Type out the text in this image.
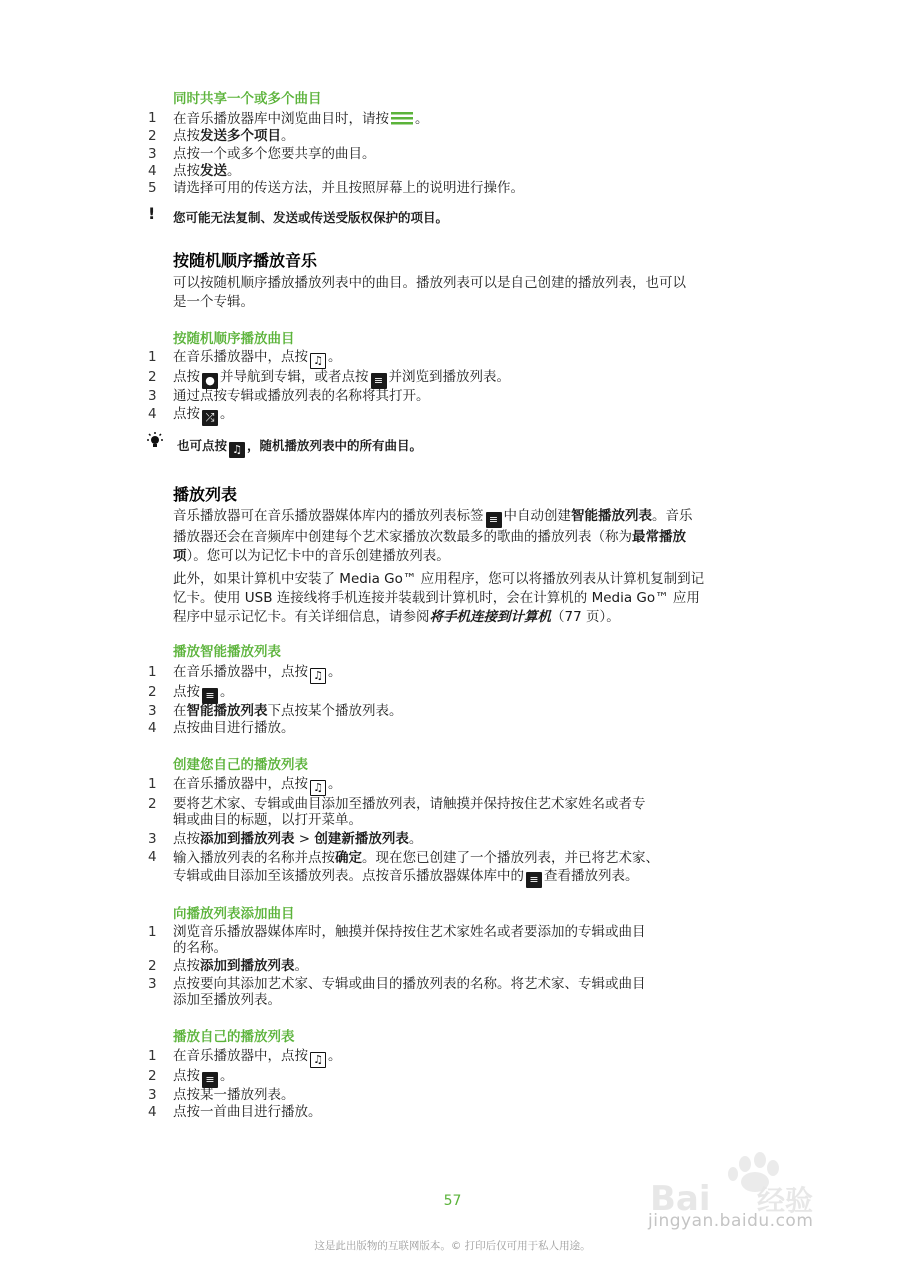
同时共享一个或多个曲目
1 在音乐播放器库中浏览曲目时，请按 。
2 点按发送多个项目。
3 点按一个或多个您要共享的曲目。
4 点按发送。
5 请选择可用的传送方法，并且按照屏幕上的说明进行操作。
! 您可能无法复制、发送或传送受版权保护的项目。
按随机顺序播放音乐
可以按随机顺序播放播放列表中的曲目。播放列表可以是自己创建的播放列表，也可以
是一个专辑。
按随机顺序播放曲目
1 在音乐播放器中，点按 ♫ 。
2 点按 ● 并导航到专辑，或者点按 ≡ 并浏览到播放列表。
3 通过点按专辑或播放列表的名称将其打开。
4 点按 ⤮ 。
也可点按 ♫ ，随机播放列表中的所有曲目。
播放列表
音乐播放器可在音乐播放器媒体库内的播放列表标签 ≡ 中自动创建智能播放列表。音乐
播放器还会在音频库中创建每个艺术家播放次数最多的歌曲的播放列表（称为最常播放
项）。您可以为记忆卡中的音乐创建播放列表。
此外，如果计算机中安装了 Media Go™ 应用程序，您可以将播放列表从计算机复制到记
忆卡。使用 USB 连接线将手机连接并装载到计算机时，会在计算机的 Media Go™ 应用
程序中显示记忆卡。有关详细信息，请参阅将手机连接到计算机（77 页）。
播放智能播放列表
1 在音乐播放器中，点按 ♫ 。
2 点按 ≡ 。
3 在智能播放列表下点按某个播放列表。
4 点按曲目进行播放。
创建您自己的播放列表
1 在音乐播放器中，点按 ♫ 。
2 要将艺术家、专辑或曲目添加至播放列表，请触摸并保持按住艺术家姓名或者专
辑或曲目的标题，以打开菜单。
3 点按添加到播放列表 > 创建新播放列表。
4 输入播放列表的名称并点按确定。现在您已创建了一个播放列表，并已将艺术家、
专辑或曲目添加至该播放列表。点按音乐播放器媒体库中的 ≡ 查看播放列表。
向播放列表添加曲目
1 浏览音乐播放器媒体库时，触摸并保持按住艺术家姓名或者要添加的专辑或曲目
的名称。
2 点按添加到播放列表。
3 点按要向其添加艺术家、专辑或曲目的播放列表的名称。将艺术家、专辑或曲目
添加至播放列表。
播放自己的播放列表
1 在音乐播放器中，点按 ♫ 。
2 点按 ≡ 。
3 点按某一播放列表。
4 点按一首曲目进行播放。
57
这是此出版物的互联网版本。© 打印后仅可用于私人用途。
Bai 经验
jingyan.baidu.com
